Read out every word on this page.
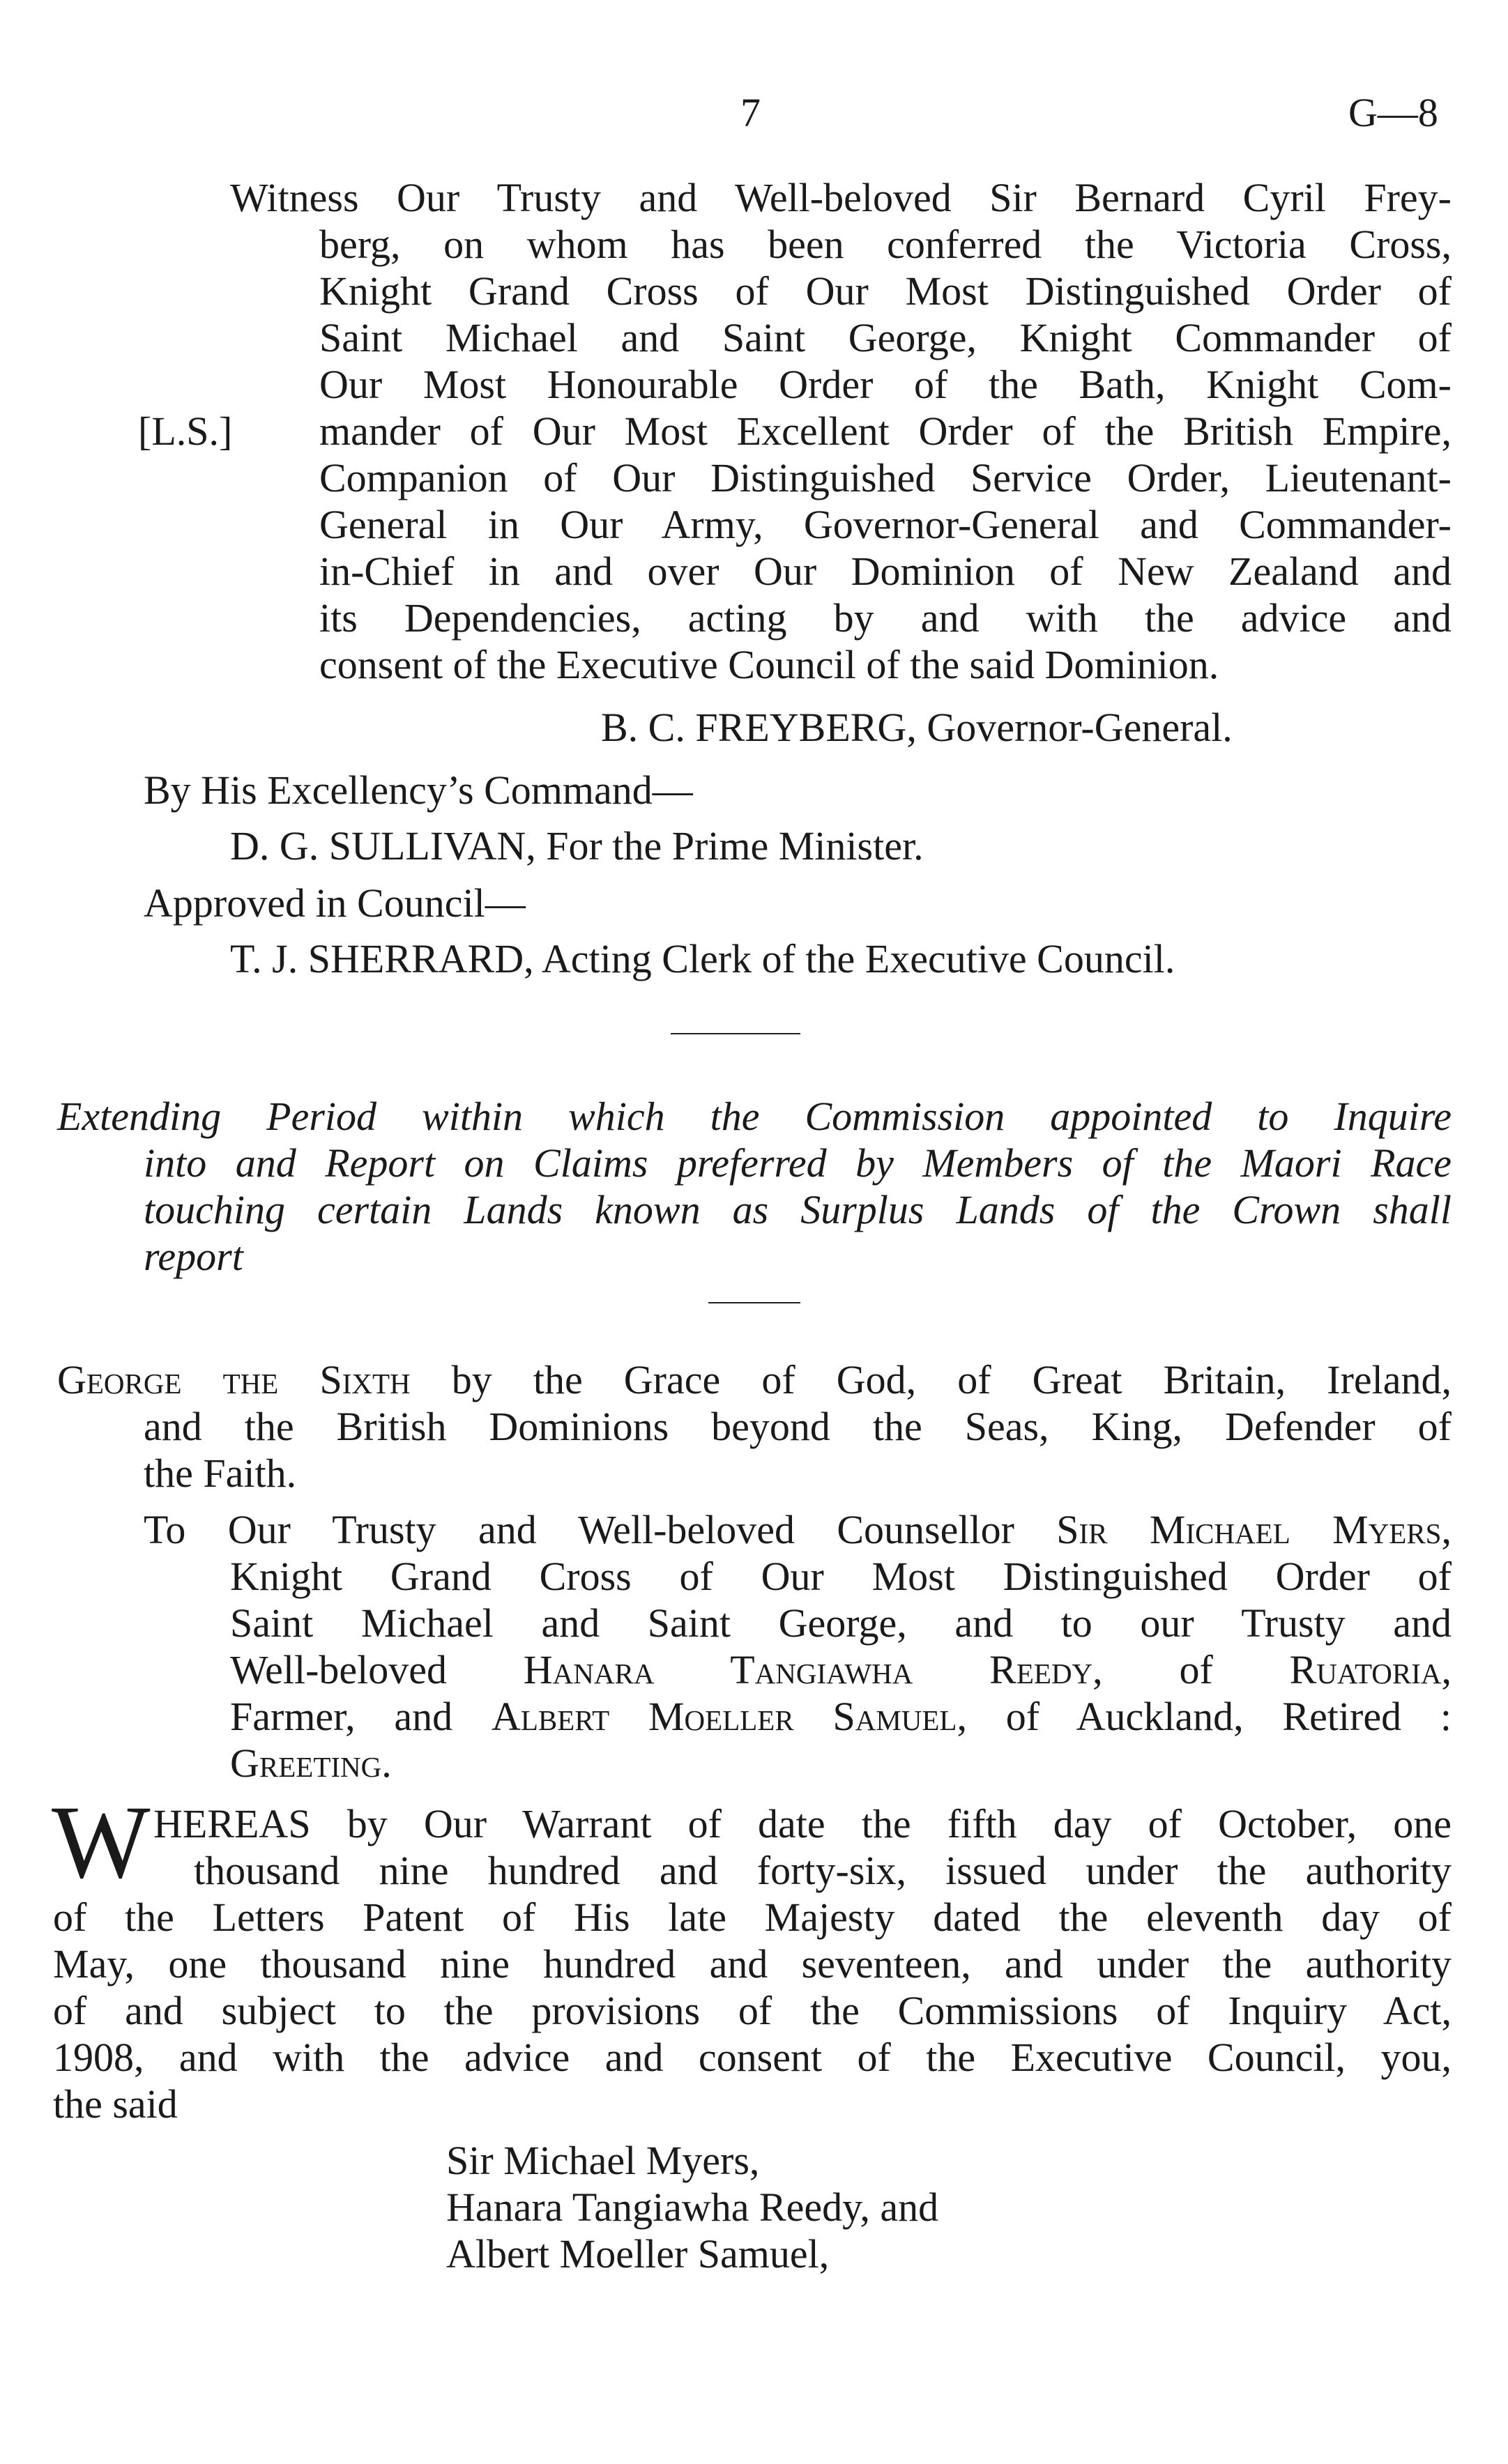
7	G—8
Witness Our Trusty and Well-beloved Sir Bernard Cyril Frey-
berg, on whom has been conferred the Victoria Cross,
Knight Grand Cross of Our Most Distinguished Order of
Saint Michael and Saint George, Knight Commander of
Our Most Honourable Order of the Bath, Knight Com-
[L.S.] mander of Our Most Excellent Order of the British Empire,
Companion of Our Distinguished Service Order, Lieutenant-
General in Our Army, Governor-General and Commander-
in-Chief in and over Our Dominion of New Zealand and
its Dependencies, acting by and with the advice and
consent of the Executive Council of the said Dominion.
B. C. FREYBERG, Governor-General.
By His Excellency’s Command—
D. G. SULLIVAN, For the Prime Minister.
Approved in Council—
T. J. SHERRARD, Acting Clerk of the Executive Council.
Extending Period within which the Commission appointed to Inquire
into and Report on Claims preferred by Members of the Maori Race
touching certain Lands known as Surplus Lands of the Crown shall
report
George the Sixth by the Grace of God, of Great Britain, Ireland,
and the British Dominions beyond the Seas, King, Defender of
the Faith.
To Our Trusty and Well-beloved Counsellor Sir Michael Myers,
Knight Grand Cross of Our Most Distinguished Order of
Saint Michael and Saint George, and to our Trusty and
Well-beloved Hanara Tangiawha Reedy, of Ruatoria,
Farmer, and Albert Moeller Samuel, of Auckland, Retired :
Greeting.
W HEREAS by Our Warrant of date the fifth day of October, one
thousand nine hundred and forty-six, issued under the authority
of the Letters Patent of His late Majesty dated the eleventh day of
May, one thousand nine hundred and seventeen, and under the authority
of and subject to the provisions of the Commissions of Inquiry Act,
1908, and with the advice and consent of the Executive Council, you,
the said
Sir Michael Myers,
Hanara Tangiawha Reedy, and
Albert Moeller Samuel,
